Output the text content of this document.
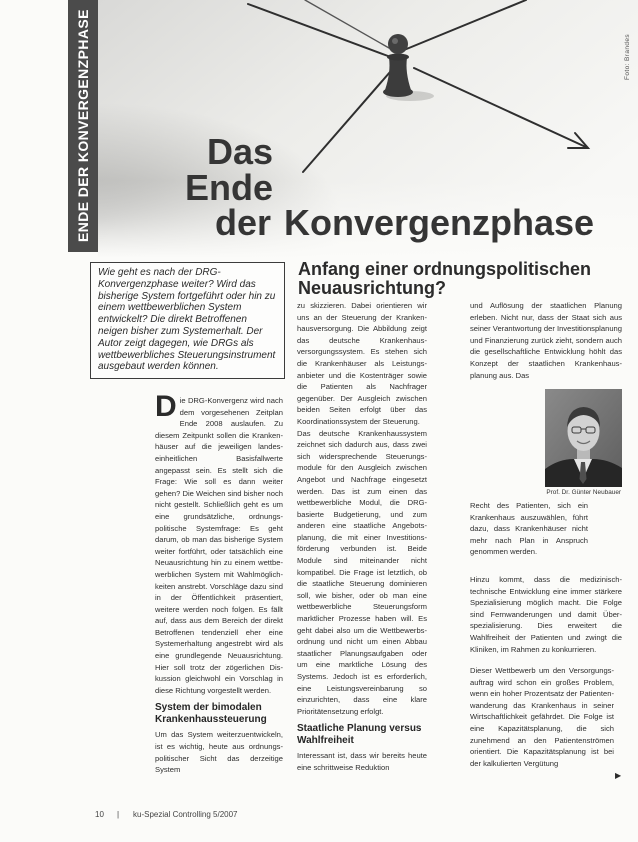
ENDE DER KONVERGENZPHASE	Foto: Brandes
Das
Ende
der Konvergenzphase
Wie geht es nach der DRG-Konvergenzphase weiter? Wird das bisherige System fortgeführt oder hin zu einem wettbewerblichen System entwickelt? Die direkt Betroffenen neigen bisher zum Systemerhalt. Der Autor zeigt dagegen, wie DRGs als wettbewerbliches Steuerungsinstrument ausgebaut werden können.
Anfang einer ordnungspolitischen Neuausrichtung?

Die DRG-Konvergenz wird nach dem vorgesehenen Zeitplan Ende 2008 auslaufen. Zu diesem Zeitpunkt sollen die Krankenhäuser auf die jeweiligen landeseinheitlichen Basisfallwerte angepasst sein. Es stellt sich die Frage: Wie soll es dann weiter gehen? Die Weichen sind bisher noch nicht gestellt. Schließlich geht es um eine grundsätzliche, ordnungspolitische Systemfrage: Es geht darum, ob man das bisherige System weiter fortführt, oder tatsächlich eine Neuausrichtung hin zu einem wettbewerblichen System mit Wahlmöglichkeiten anstrebt. Vorschläge dazu sind in der Öffentlichkeit präsentiert, weitere werden noch folgen. Es fällt auf, dass aus dem Bereich der direkt Betroffenen tendenziell eher eine Systemerhaltung angestrebt wird als eine grundlegende Neuausrichtung. Hier soll trotz der zögerlichen Diskussion gleichwohl ein Vorschlag in diese Richtung vorgestellt werden.

System der bimodalen Krankenhaussteuerung

Um das System weiterzuentwickeln, ist es wichtig, heute aus ordnungspolitischer Sicht das derzeitige System

zu skizzieren. Dabei orientieren wir uns an der Steuerung der Krankenhausversorgung. Die Abbildung zeigt das deutsche Krankenhausversorgungssystem. Es stehen sich die Krankenhäuser als Leistungsanbieter und die Kostenträger sowie die Patienten als Nachfrager gegenüber. Der Ausgleich zwischen beiden Seiten erfolgt über das Koordinationssystem der Steuerung.

Das deutsche Krankenhaussystem zeichnet sich dadurch aus, dass zwei sich widersprechende Steuerungsmodule für den Ausgleich zwischen Angebot und Nachfrage eingesetzt werden. Das ist zum einen das wettbewerbliche Modul, die DRG-basierte Budgetierung, und zum anderen eine staatliche Angebotsplanung, die mit einer Investitionsförderung verbunden ist. Beide Module sind miteinander nicht kompatibel. Die Frage ist letztlich, ob die staatliche Steuerung dominieren soll, wie bisher, oder ob man eine wettbewerbliche Steuerungsform marktlicher Prozesse haben will. Es geht dabei also um die Wettbewerbsordnung und nicht um einen Abbau staatlicher Planungsaufgaben oder um eine marktliche Lösung des Systems. Jedoch ist es erforderlich, eine Leistungsvereinbarung so einzurichten, dass eine klare Prioritätensetzung erfolgt.

Staatliche Planung versus Wahlfreiheit

Interessant ist, dass wir bereits heute eine schrittweise Reduktion

und Auflösung der staatlichen Planung erleben. Nicht nur, dass der Staat sich aus seiner Verantwortung der Investitionsplanung und Finanzierung zurück zieht, sondern auch die gesellschaftliche Entwicklung höhlt das Konzept der staatlichen Krankenhausplanung aus. Das

Prof. Dr. Günter Neubauer

Recht des Patienten, sich ein Krankenhaus auszuwählen, führt dazu, dass Krankenhäuser nicht mehr nach Plan in Anspruch genommen werden.

Hinzu kommt, dass die medizinisch-technische Entwicklung eine immer stärkere Spezialisierung möglich macht. Die Folge sind Fernwanderungen und damit Überspezialisierung. Dies erweitert die Wahlfreiheit der Patienten und zwingt die Kliniken, im Rahmen zu konkurrieren.

Dieser Wettbewerb um den Versorgungsauftrag wird schon ein großes Problem, wenn ein hoher Prozentsatz der Patientenwanderung das Krankenhaus in seiner Wirtschaftlichkeit gefährdet. Die Folge ist eine Kapazitätsplanung, die sich zunehmend an den Patientenströmen orientiert. Die Kapazitätsplanung ist bei der kalkulierten Vergütung

▶
10 | ku-Spezial Controlling 5/2007
